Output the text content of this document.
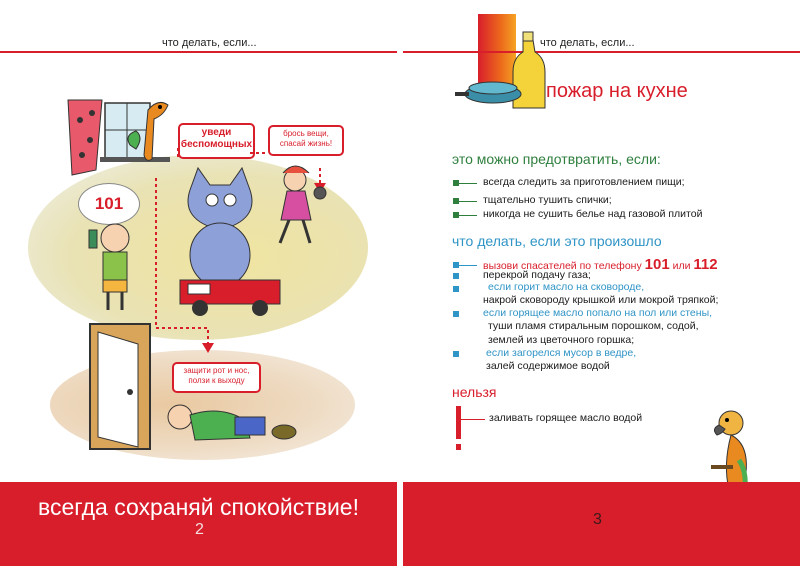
что делать, если...
уведи беспомощных
брось вещи, спасай жизнь!
защити рот и нос, ползи к выходу
101
всегда сохраняй спокойствие!
2
что делать, если...
пожар на кухне
это можно предотвратить, если:
всегда следить за приготовлением пищи;
тщательно тушить спички;
никогда не сушить белье над газовой плитой
что делать, если это произошло
вызови спасателей по телефону 101 или 112
перекрой подачу газа;
если горит масло на сковороде,
накрой сковороду крышкой или мокрой тряпкой;
если горящее масло попало на пол или стены,
туши пламя стиральным порошком, содой,
землей из цветочного горшка;
если загорелся мусор в ведре,
залей содержимое водой
нельзя
заливать горящее масло водой
3
